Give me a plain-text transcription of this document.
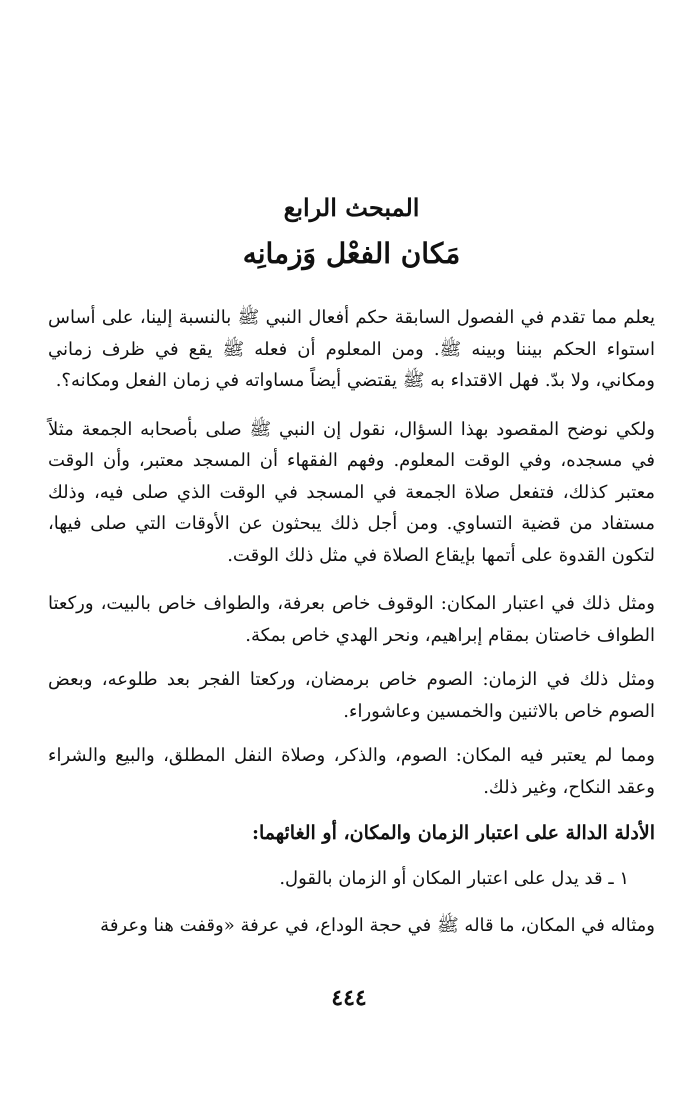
المبحث الرابع
مَكان الفعْل وَزمانِه

يعلم مما تقدم في الفصول السابقة حكم أفعال النبي ﷺ بالنسبة إلينا، على أساس استواء الحكم بيننا وبينه ﷺ. ومن المعلوم أن فعله ﷺ يقع في ظرف زماني ومكاني، ولا بدّ. فهل الاقتداء به ﷺ يقتضي أيضاً مساواته في زمان الفعل ومكانه؟.

ولكي نوضح المقصود بهذا السؤال، نقول إن النبي ﷺ صلى بأصحابه الجمعة مثلاً في مسجده، وفي الوقت المعلوم. وفهم الفقهاء أن المسجد معتبر، وأن الوقت معتبر كذلك، فتفعل صلاة الجمعة في المسجد في الوقت الذي صلى فيه، وذلك مستفاد من قضية التساوي. ومن أجل ذلك يبحثون عن الأوقات التي صلى فيها، لتكون القدوة على أتمها بإيقاع الصلاة في مثل ذلك الوقت.

ومثل ذلك في اعتبار المكان: الوقوف خاص بعرفة، والطواف خاص بالبيت، وركعتا الطواف خاصتان بمقام إبراهيم، ونحر الهدي خاص بمكة.

ومثل ذلك في الزمان: الصوم خاص برمضان، وركعتا الفجر بعد طلوعه، وبعض الصوم خاص بالاثنين والخمسين وعاشوراء.

ومما لم يعتبر فيه المكان: الصوم، والذكر، وصلاة النفل المطلق، والبيع والشراء وعقد النكاح، وغير ذلك.

الأدلة الدالة على اعتبار الزمان والمكان، أو الغائهما:

١ ـ قد يدل على اعتبار المكان أو الزمان بالقول.

ومثاله في المكان، ما قاله ﷺ في حجة الوداع، في عرفة «وقفت هنا وعرفة

٤٤٤
